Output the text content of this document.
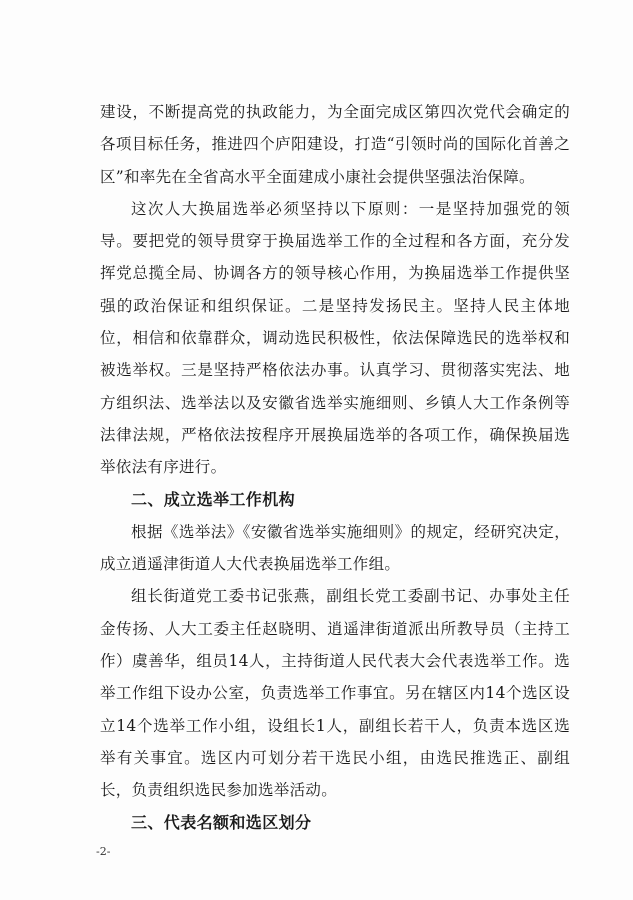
建设，不断提高党的执政能力，为全面完成区第四次党代会确定的各项目标任务，推进四个庐阳建设，打造“引领时尚的国际化首善之区”和率先在全省高水平全面建成小康社会提供坚强法治保障。

这次人大换届选举必须坚持以下原则：一是坚持加强党的领导。要把党的领导贯穿于换届选举工作的全过程和各方面，充分发挥党总揽全局、协调各方的领导核心作用，为换届选举工作提供坚强的政治保证和组织保证。二是坚持发扬民主。坚持人民主体地位，相信和依靠群众，调动选民积极性，依法保障选民的选举权和被选举权。三是坚持严格依法办事。认真学习、贯彻落实宪法、地方组织法、选举法以及安徽省选举实施细则、乡镇人大工作条例等法律法规，严格依法按程序开展换届选举的各项工作，确保换届选举依法有序进行。

二、成立选举工作机构

根据《选举法》《安徽省选举实施细则》的规定，经研究决定，成立逍遥津街道人大代表换届选举工作组。

组长街道党工委书记张燕，副组长党工委副书记、办事处主任金传扬、人大工委主任赵晓明、逍遥津街道派出所教导员（主持工作）虞善华，组员14人，主持街道人民代表大会代表选举工作。选举工作组下设办公室，负责选举工作事宜。另在辖区内14个选区设立14个选举工作小组，设组长1人，副组长若干人，负责本选区选举有关事宜。选区内可划分若干选民小组，由选民推选正、副组长，负责组织选民参加选举活动。

三、代表名额和选区划分

-2-
